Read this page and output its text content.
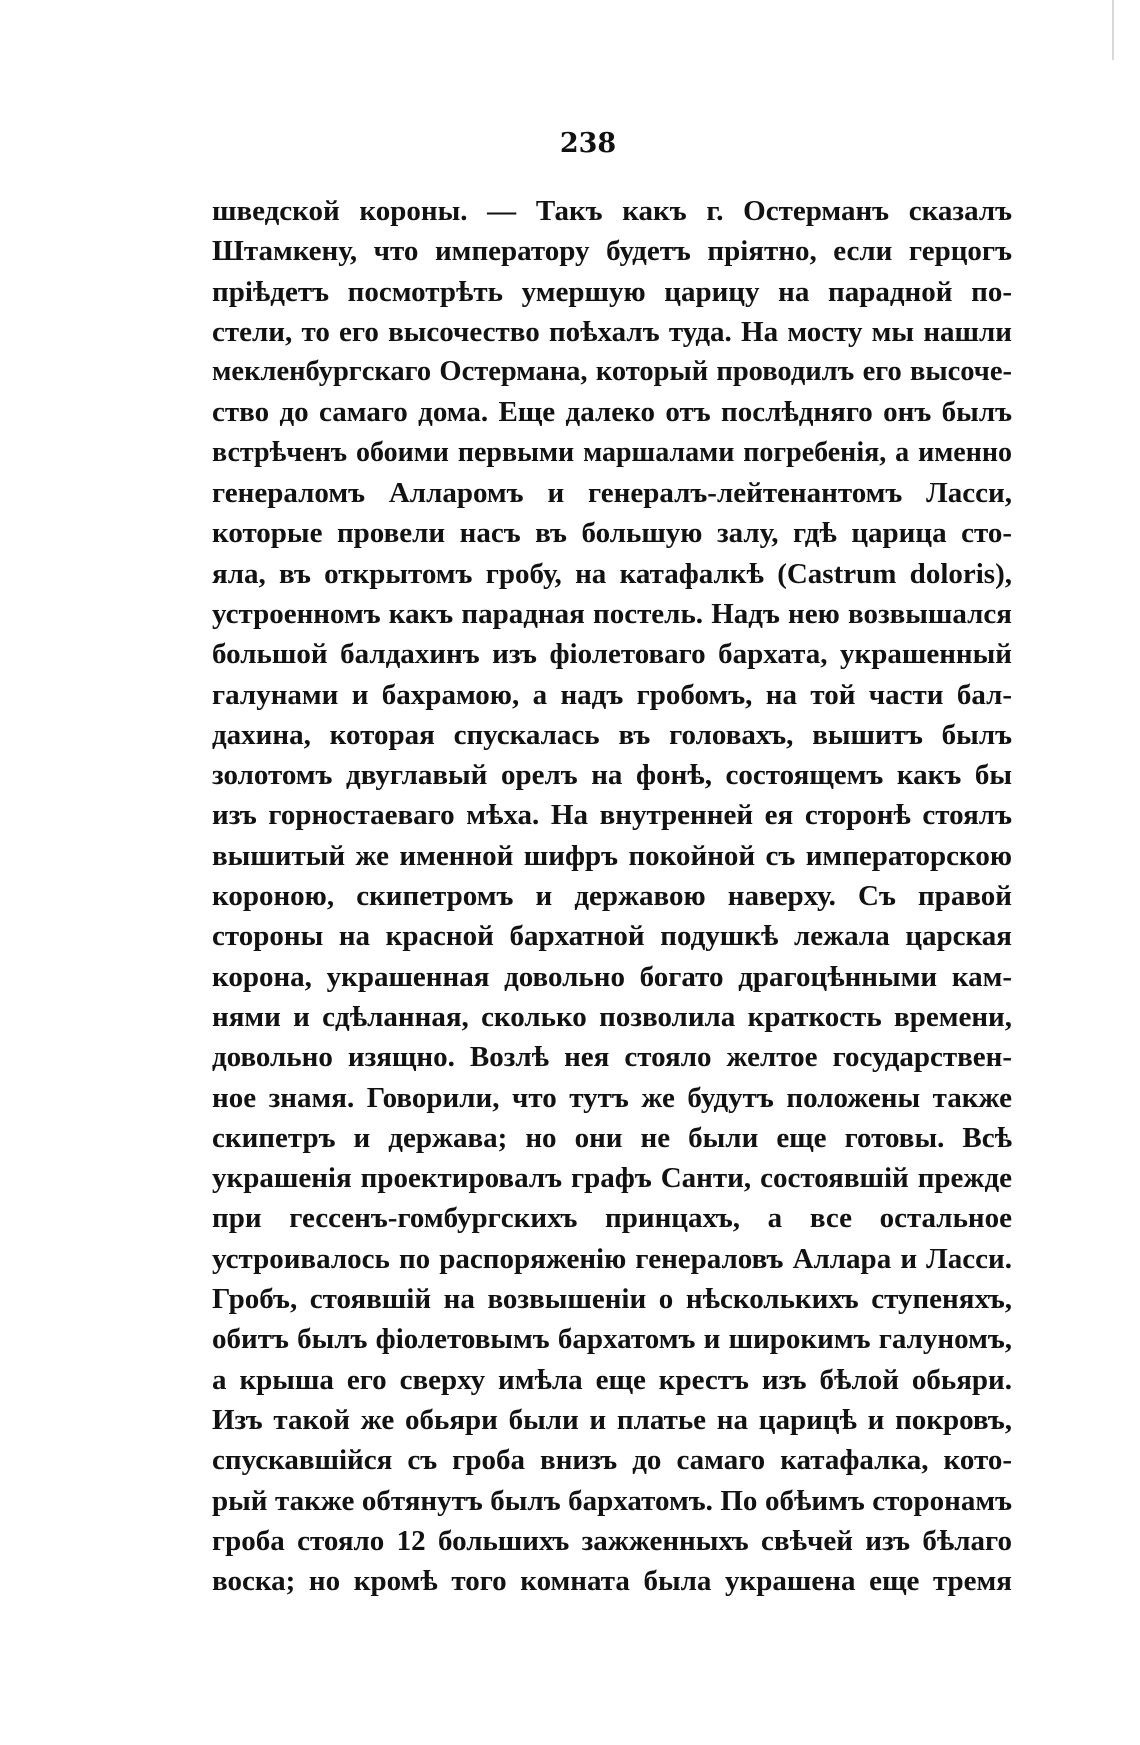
238
шведской короны. — Такъ какъ г. Остерманъ сказалъ
Штамкену, что императору будетъ пріятно, если герцогъ
пріѣдетъ посмотрѣть умершую царицу на парадной по-
стели, то его высочество поѣхалъ туда. На мосту мы нашли
мекленбургскаго Остермана, который проводилъ его высоче-
ство до самаго дома. Еще далеко отъ послѣдняго онъ былъ
встрѣченъ обоими первыми маршалами погребенія, а именно
генераломъ Алларомъ и генералъ-лейтенантомъ Ласси,
которые провели насъ въ большую залу, гдѣ царица сто-
яла, въ открытомъ гробу, на катафалкѣ (Castrum doloris),
устроенномъ какъ парадная постель. Надъ нею возвышался
большой балдахинъ изъ фіолетоваго бархата, украшенный
галунами и бахрамою, а надъ гробомъ, на той части бал-
дахина, которая спускалась въ головахъ, вышитъ былъ
золотомъ двуглавый орелъ на фонѣ, состоящемъ какъ бы
изъ горностаеваго мѣха. На внутренней ея сторонѣ стоялъ
вышитый же именной шифръ покойной съ императорскою
короною, скипетромъ и державою наверху. Съ правой
стороны на красной бархатной подушкѣ лежала царская
корона, украшенная довольно богато драгоцѣнными кам-
нями и сдѣланная, сколько позволила краткость времени,
довольно изящно. Возлѣ нея стояло желтое государствен-
ное знамя. Говорили, что тутъ же будутъ положены также
скипетръ и держава; но они не были еще готовы. Всѣ
украшенія проектировалъ графъ Санти, состоявшій прежде
при гессенъ-гомбургскихъ принцахъ, а все остальное
устроивалось по распоряженію генераловъ Аллара и Ласси.
Гробъ, стоявшій на возвышеніи о нѣсколькихъ ступеняхъ,
обитъ былъ фіолетовымъ бархатомъ и широкимъ галуномъ,
а крыша его сверху имѣла еще крестъ изъ бѣлой обьяри.
Изъ такой же обьяри были и платье на царицѣ и покровъ,
спускавшійся съ гроба внизъ до самаго катафалка, кото-
рый также обтянутъ былъ бархатомъ. По обѣимъ сторонамъ
гроба стояло 12 большихъ зажженныхъ свѣчей изъ бѣлаго
воска; но кромѣ того комната была украшена еще тремя
